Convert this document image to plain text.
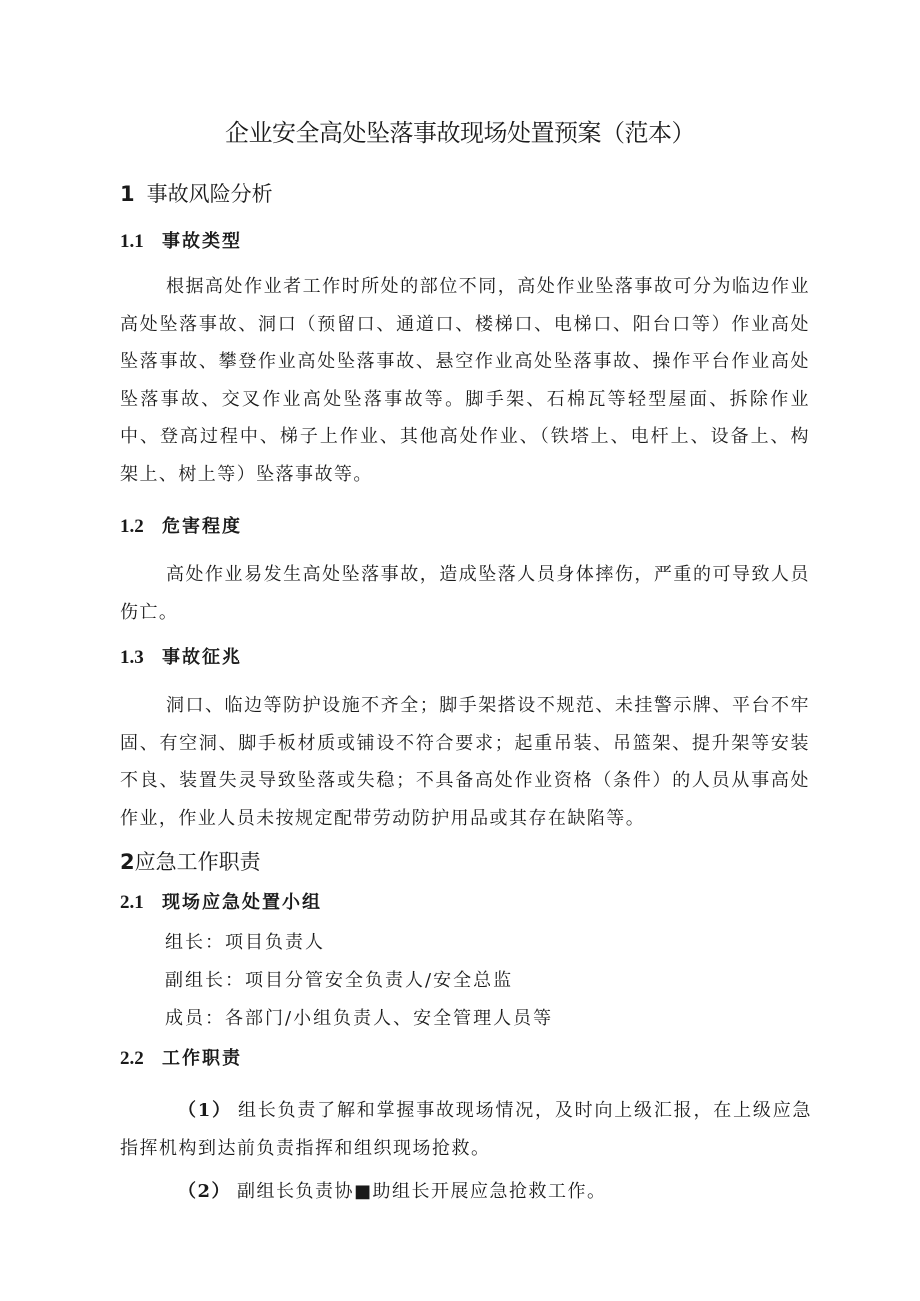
企业安全高处坠落事故现场处置预案（范本）
1 事故风险分析
1.1 事故类型

根据高处作业者工作时所处的部位不同，高处作业坠落事故可分为临边作业高处坠落事故、洞口（预留口、通道口、楼梯口、电梯口、阳台口等）作业高处坠落事故、攀登作业高处坠落事故、悬空作业高处坠落事故、操作平台作业高处坠落事故、交叉作业高处坠落事故等。脚手架、石棉瓦等轻型屋面、拆除作业中、登高过程中、梯子上作业、其他高处作业、（铁塔上、电杆上、设备上、构架上、树上等）坠落事故等。

1.2 危害程度

高处作业易发生高处坠落事故，造成坠落人员身体摔伤，严重的可导致人员伤亡。

1.3 事故征兆

洞口、临边等防护设施不齐全；脚手架搭设不规范、未挂警示牌、平台不牢固、有空洞、脚手板材质或铺设不符合要求；起重吊装、吊篮架、提升架等安装不良、装置失灵导致坠落或失稳；不具备高处作业资格（条件）的人员从事高处作业，作业人员未按规定配带劳动防护用品或其存在缺陷等。

2应急工作职责
2.1 现场应急处置小组

组长：项目负责人

副组长：项目分管安全负责人/安全总监

成员：各部门/小组负责人、安全管理人员等

2.2 工作职责

（1） 组长负责了解和掌握事故现场情况，及时向上级汇报，在上级应急指挥机构到达前负责指挥和组织现场抢救。

（2） 副组长负责协■助组长开展应急抢救工作。
